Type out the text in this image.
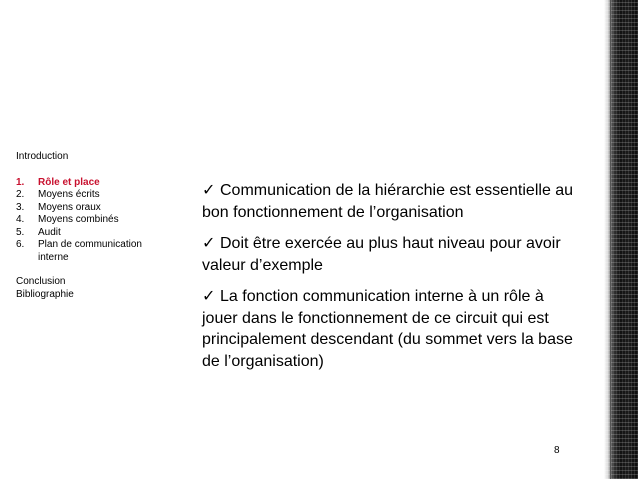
Introduction

1.	Rôle et place
2.	Moyens écrits
3.	Moyens oraux
4.	Moyens combinés
5.	Audit
6.	Plan de communication interne

Conclusion

Bibliographie

✓ Communication de la hiérarchie est essentielle au bon fonctionnement de l’organisation

✓ Doit être exercée au plus haut niveau pour avoir valeur d’exemple

✓ La fonction communication interne à un rôle à jouer dans le fonctionnement de ce circuit qui est principalement descendant (du sommet vers la base de l’organisation)

8
